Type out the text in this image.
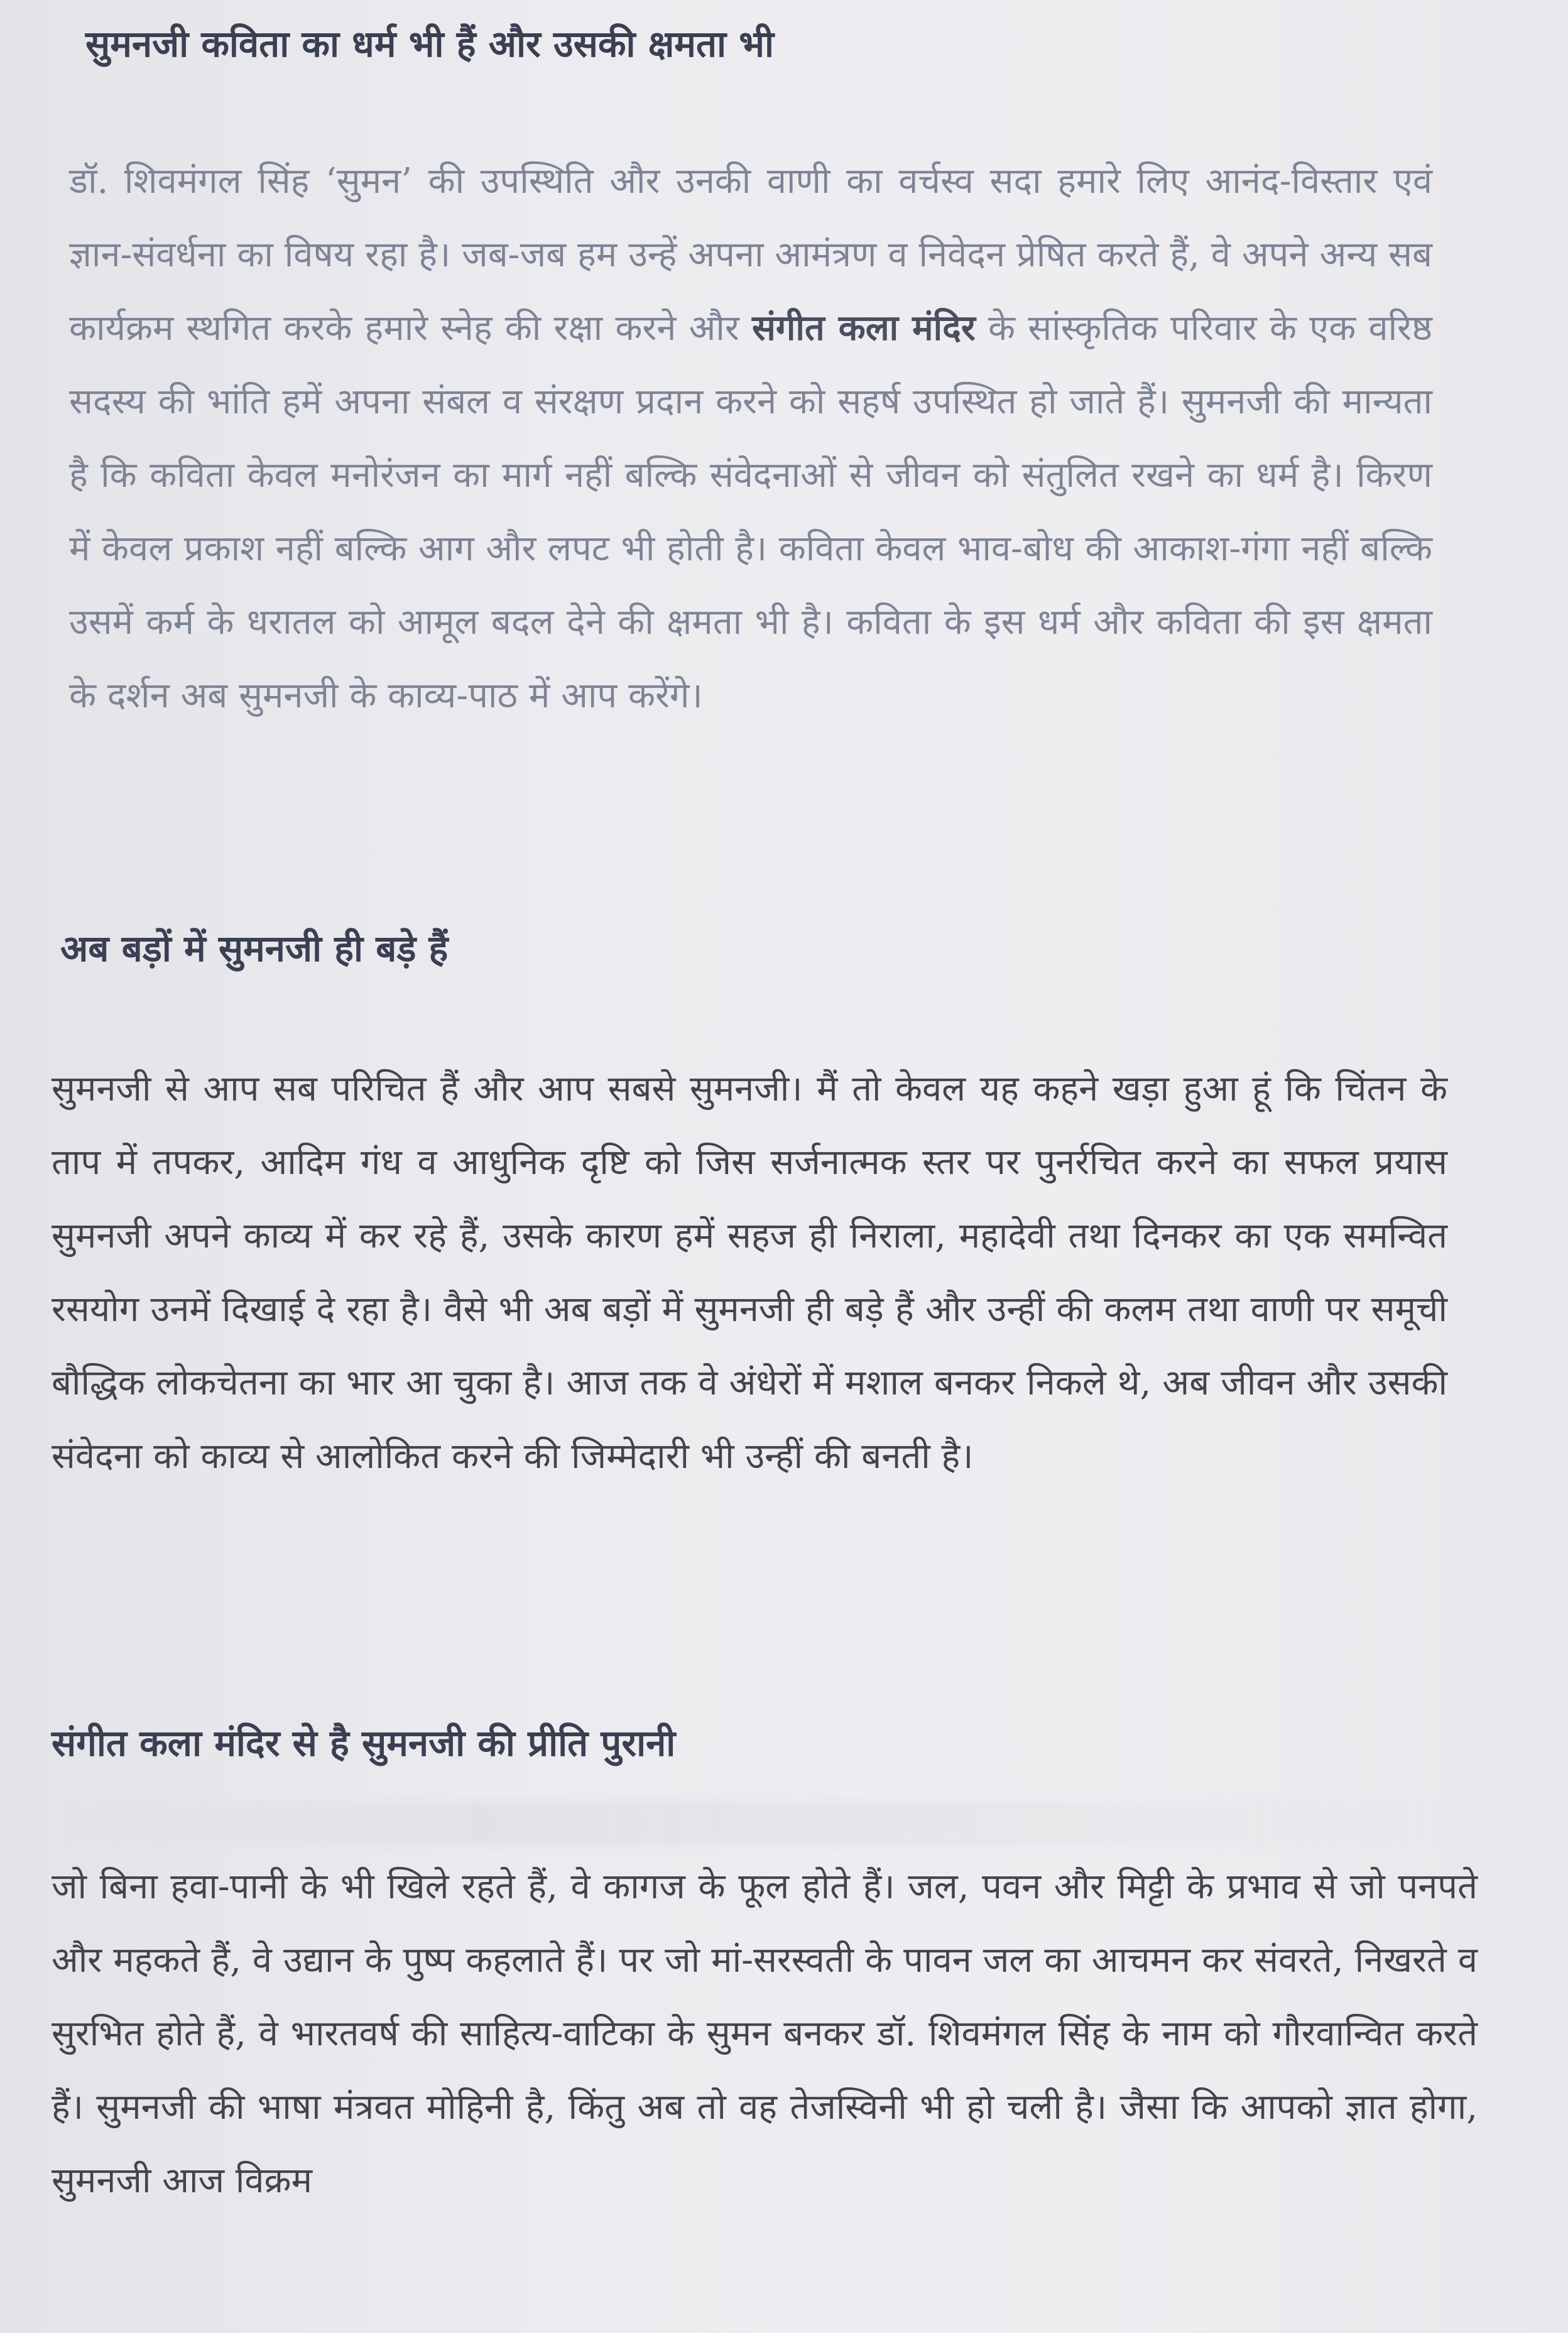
सुमनजी कविता का धर्म भी हैं और उसकी क्षमता भी
डॉ. शिवमंगल सिंह ‘सुमन’ की उपस्थिति और उनकी वाणी का वर्चस्व सदा हमारे लिए आनंद-विस्तार एवं ज्ञान-संवर्धना का विषय रहा है। जब-जब हम उन्हें अपना आमंत्रण व निवेदन प्रेषित करते हैं, वे अपने अन्य सब कार्यक्रम स्थगित करके हमारे स्नेह की रक्षा करने और संगीत कला मंदिर के सांस्कृतिक परिवार के एक वरिष्ठ सदस्य की भांति हमें अपना संबल व संरक्षण प्रदान करने को सहर्ष उपस्थित हो जाते हैं। सुमनजी की मान्यता है कि कविता केवल मनोरंजन का मार्ग नहीं बल्कि संवेदनाओं से जीवन को संतुलित रखने का धर्म है। किरण में केवल प्रकाश नहीं बल्कि आग और लपट भी होती है। कविता केवल भाव-बोध की आकाश-गंगा नहीं बल्कि उसमें कर्म के धरातल को आमूल बदल देने की क्षमता भी है। कविता के इस धर्म और कविता की इस क्षमता के दर्शन अब सुमनजी के काव्य-पाठ में आप करेंगे।
अब बड़ों में सुमनजी ही बड़े हैं
सुमनजी से आप सब परिचित हैं और आप सबसे सुमनजी। मैं तो केवल यह कहने खड़ा हुआ हूं कि चिंतन के ताप में तपकर, आदिम गंध व आधुनिक दृष्टि को जिस सर्जनात्मक स्तर पर पुनर्रचित करने का सफल प्रयास सुमनजी अपने काव्य में कर रहे हैं, उसके कारण हमें सहज ही निराला, महादेवी तथा दिनकर का एक समन्वित रसयोग उनमें दिखाई दे रहा है। वैसे भी अब बड़ों में सुमनजी ही बड़े हैं और उन्हीं की कलम तथा वाणी पर समूची बौद्धिक लोकचेतना का भार आ चुका है। आज तक वे अंधेरों में मशाल बनकर निकले थे, अब जीवन और उसकी संवेदना को काव्य से आलोकित करने की जिम्मेदारी भी उन्हीं की बनती है।
संगीत कला मंदिर से है सुमनजी की प्रीति पुरानी
जो बिना हवा-पानी के भी खिले रहते हैं, वे कागज के फूल होते हैं। जल, पवन और मिट्टी के प्रभाव से जो पनपते और महकते हैं, वे उद्यान के पुष्प कहलाते हैं। पर जो मां-सरस्वती के पावन जल का आचमन कर संवरते, निखरते व सुरभित होते हैं, वे भारतवर्ष की साहित्य-वाटिका के सुमन बनकर डॉ. शिवमंगल सिंह के नाम को गौरवान्वित करते हैं। सुमनजी की भाषा मंत्रवत मोहिनी है, किंतु अब तो वह तेजस्विनी भी हो चली है। जैसा कि आपको ज्ञात होगा, सुमनजी आज विक्रम
